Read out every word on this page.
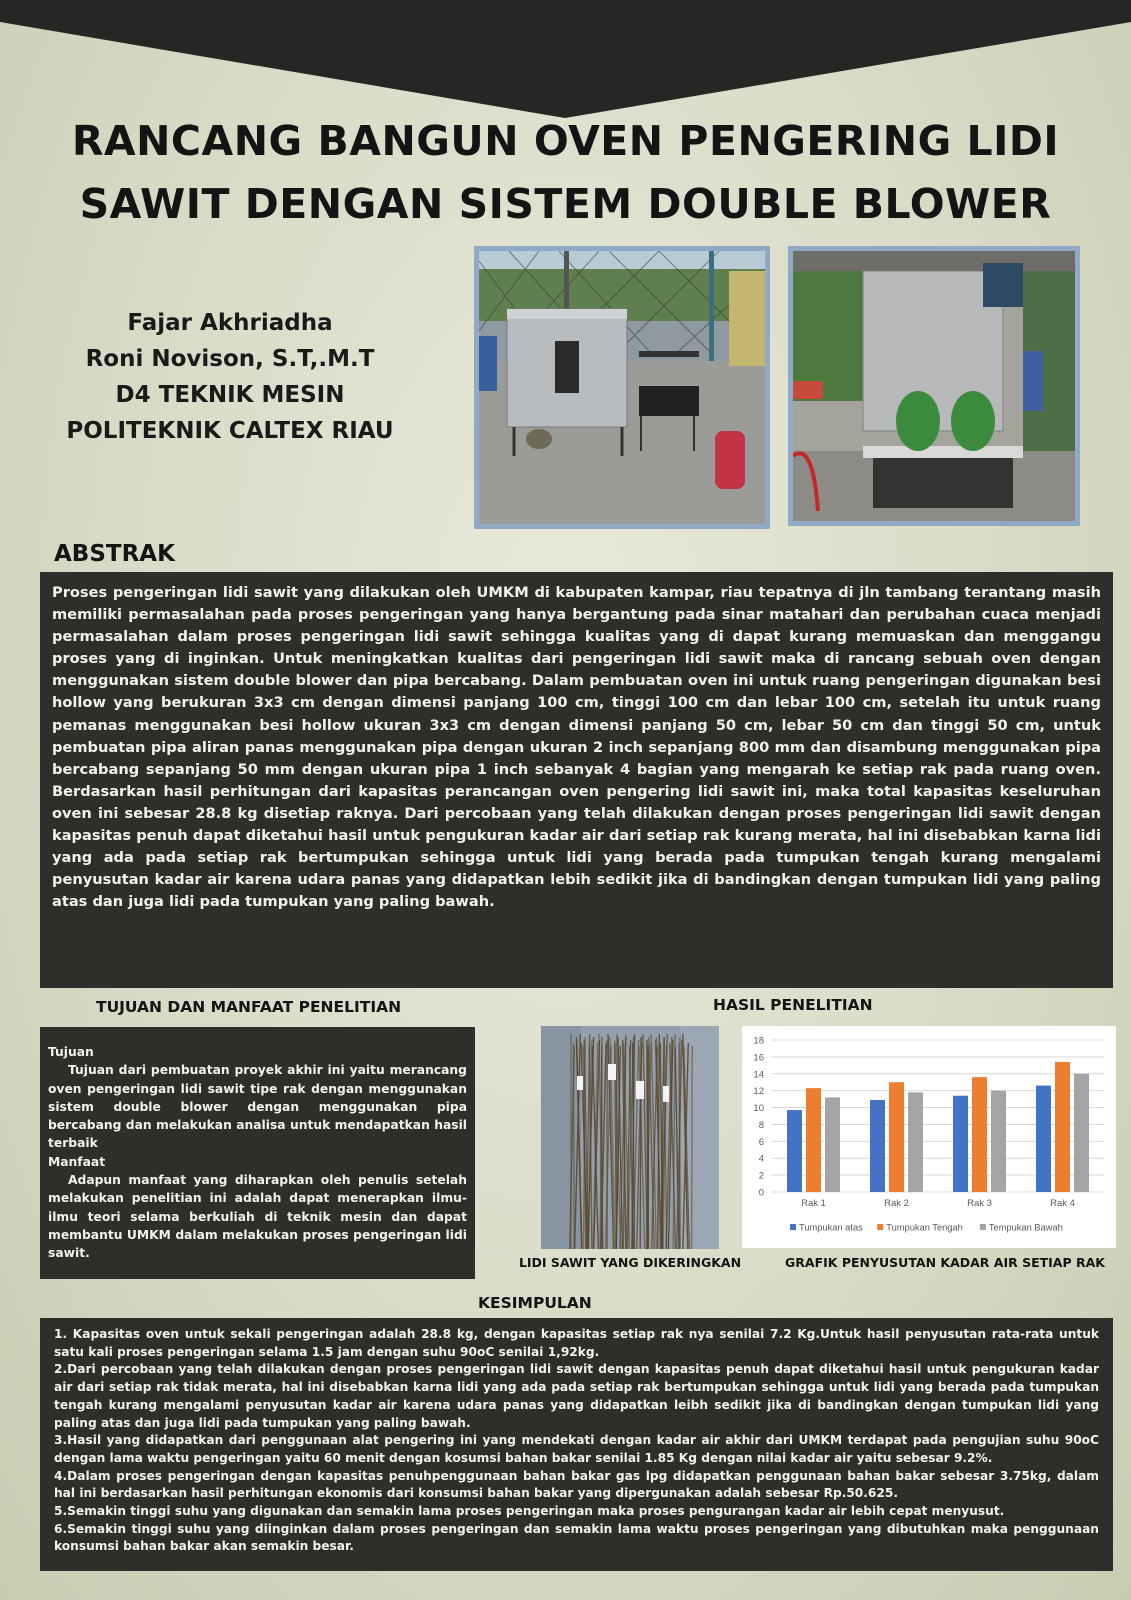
RANCANG BANGUN OVEN PENGERING LIDI
SAWIT DENGAN SISTEM DOUBLE BLOWER
Fajar Akhriadha
Roni Novison, S.T,.M.T
D4 TEKNIK MESIN
POLITEKNIK CALTEX RIAU
ABSTRAK
Proses pengeringan lidi sawit yang dilakukan oleh UMKM di kabupaten kampar, riau tepatnya di jln tambang terantang masih memiliki permasalahan pada proses pengeringan yang hanya bergantung pada sinar matahari dan perubahan cuaca menjadi permasalahan dalam proses pengeringan lidi sawit sehingga kualitas yang di dapat kurang memuaskan dan menggangu proses yang di inginkan. Untuk meningkatkan kualitas dari pengeringan lidi sawit maka di rancang sebuah oven dengan menggunakan sistem double blower dan pipa bercabang. Dalam pembuatan oven ini untuk ruang pengeringan digunakan besi hollow yang berukuran 3x3 cm dengan dimensi panjang 100 cm, tinggi 100 cm dan lebar 100 cm, setelah itu untuk ruang pemanas menggunakan besi hollow ukuran 3x3 cm dengan dimensi panjang 50 cm, lebar 50 cm dan tinggi 50 cm, untuk pembuatan pipa aliran panas menggunakan pipa dengan ukuran 2 inch sepanjang 800 mm dan disambung menggunakan pipa bercabang sepanjang 50 mm dengan ukuran pipa 1 inch sebanyak 4 bagian yang mengarah ke setiap rak pada ruang oven. Berdasarkan hasil perhitungan dari kapasitas perancangan oven pengering lidi sawit ini, maka total kapasitas keseluruhan oven ini sebesar 28.8 kg disetiap raknya. Dari percobaan yang telah dilakukan dengan proses pengeringan lidi sawit dengan kapasitas penuh dapat diketahui hasil untuk pengukuran kadar air dari setiap rak kurang merata, hal ini disebabkan karna lidi yang ada pada setiap rak bertumpukan sehingga untuk lidi yang berada pada tumpukan tengah kurang mengalami penyusutan kadar air karena udara panas yang didapatkan lebih sedikit jika di bandingkan dengan tumpukan lidi yang paling atas dan juga lidi pada tumpukan yang paling bawah.
TUJUAN DAN MANFAAT PENELITIAN

Tujuan

Tujuan dari pembuatan proyek akhir ini yaitu merancang oven pengeringan lidi sawit tipe rak dengan menggunakan sistem double blower dengan menggunakan pipa bercabang dan melakukan analisa untuk mendapatkan hasil terbaik

Manfaat

Adapun manfaat yang diharapkan oleh penulis setelah melakukan penelitian ini adalah dapat menerapkan ilmu-ilmu teori selama berkuliah di teknik mesin dan dapat membantu UMKM dalam melakukan proses pengeringan lidi sawit.

HASIL PENELITIAN
0
2
4
6
8
10
12
14
16
18
Rak 1	Rak 2	Rak 3	Rak 4
Tumpukan atas	Tumpukan Tengah	Tempukan Bawah
LIDI SAWIT YANG DIKERINGKAN	GRAFIK PENYUSUTAN KADAR AIR SETIAP RAK
KESIMPULAN

1. Kapasitas oven untuk sekali pengeringan adalah 28.8 kg, dengan kapasitas setiap rak nya senilai 7.2 Kg.Untuk hasil penyusutan rata-rata untuk satu kali proses pengeringan selama 1.5 jam dengan suhu 90oC senilai 1,92kg.

2.Dari percobaan yang telah dilakukan dengan proses pengeringan lidi sawit dengan kapasitas penuh dapat diketahui hasil untuk pengukuran kadar air dari setiap rak tidak merata, hal ini disebabkan karna lidi yang ada pada setiap rak bertumpukan sehingga untuk lidi yang berada pada tumpukan tengah kurang mengalami penyusutan kadar air karena udara panas yang didapatkan leibh sedikit jika di bandingkan dengan tumpukan lidi yang paling atas dan juga lidi pada tumpukan yang paling bawah.

3.Hasil yang didapatkan dari penggunaan alat pengering ini yang mendekati dengan kadar air akhir dari UMKM terdapat pada pengujian suhu 90oC dengan lama waktu pengeringan yaitu 60 menit dengan kosumsi bahan bakar senilai 1.85 Kg dengan nilai kadar air yaitu sebesar 9.2%.

4.Dalam proses pengeringan dengan kapasitas penuhpenggunaan bahan bakar gas lpg didapatkan penggunaan bahan bakar sebesar 3.75kg, dalam hal ini berdasarkan hasil perhitungan ekonomis dari konsumsi bahan bakar yang dipergunakan adalah sebesar Rp.50.625.

5.Semakin tinggi suhu yang digunakan dan semakin lama proses pengeringan maka proses pengurangan kadar air lebih cepat menyusut.

6.Semakin tinggi suhu yang diinginkan dalam proses pengeringan dan semakin lama waktu proses pengeringan yang dibutuhkan maka penggunaan konsumsi bahan bakar akan semakin besar.
